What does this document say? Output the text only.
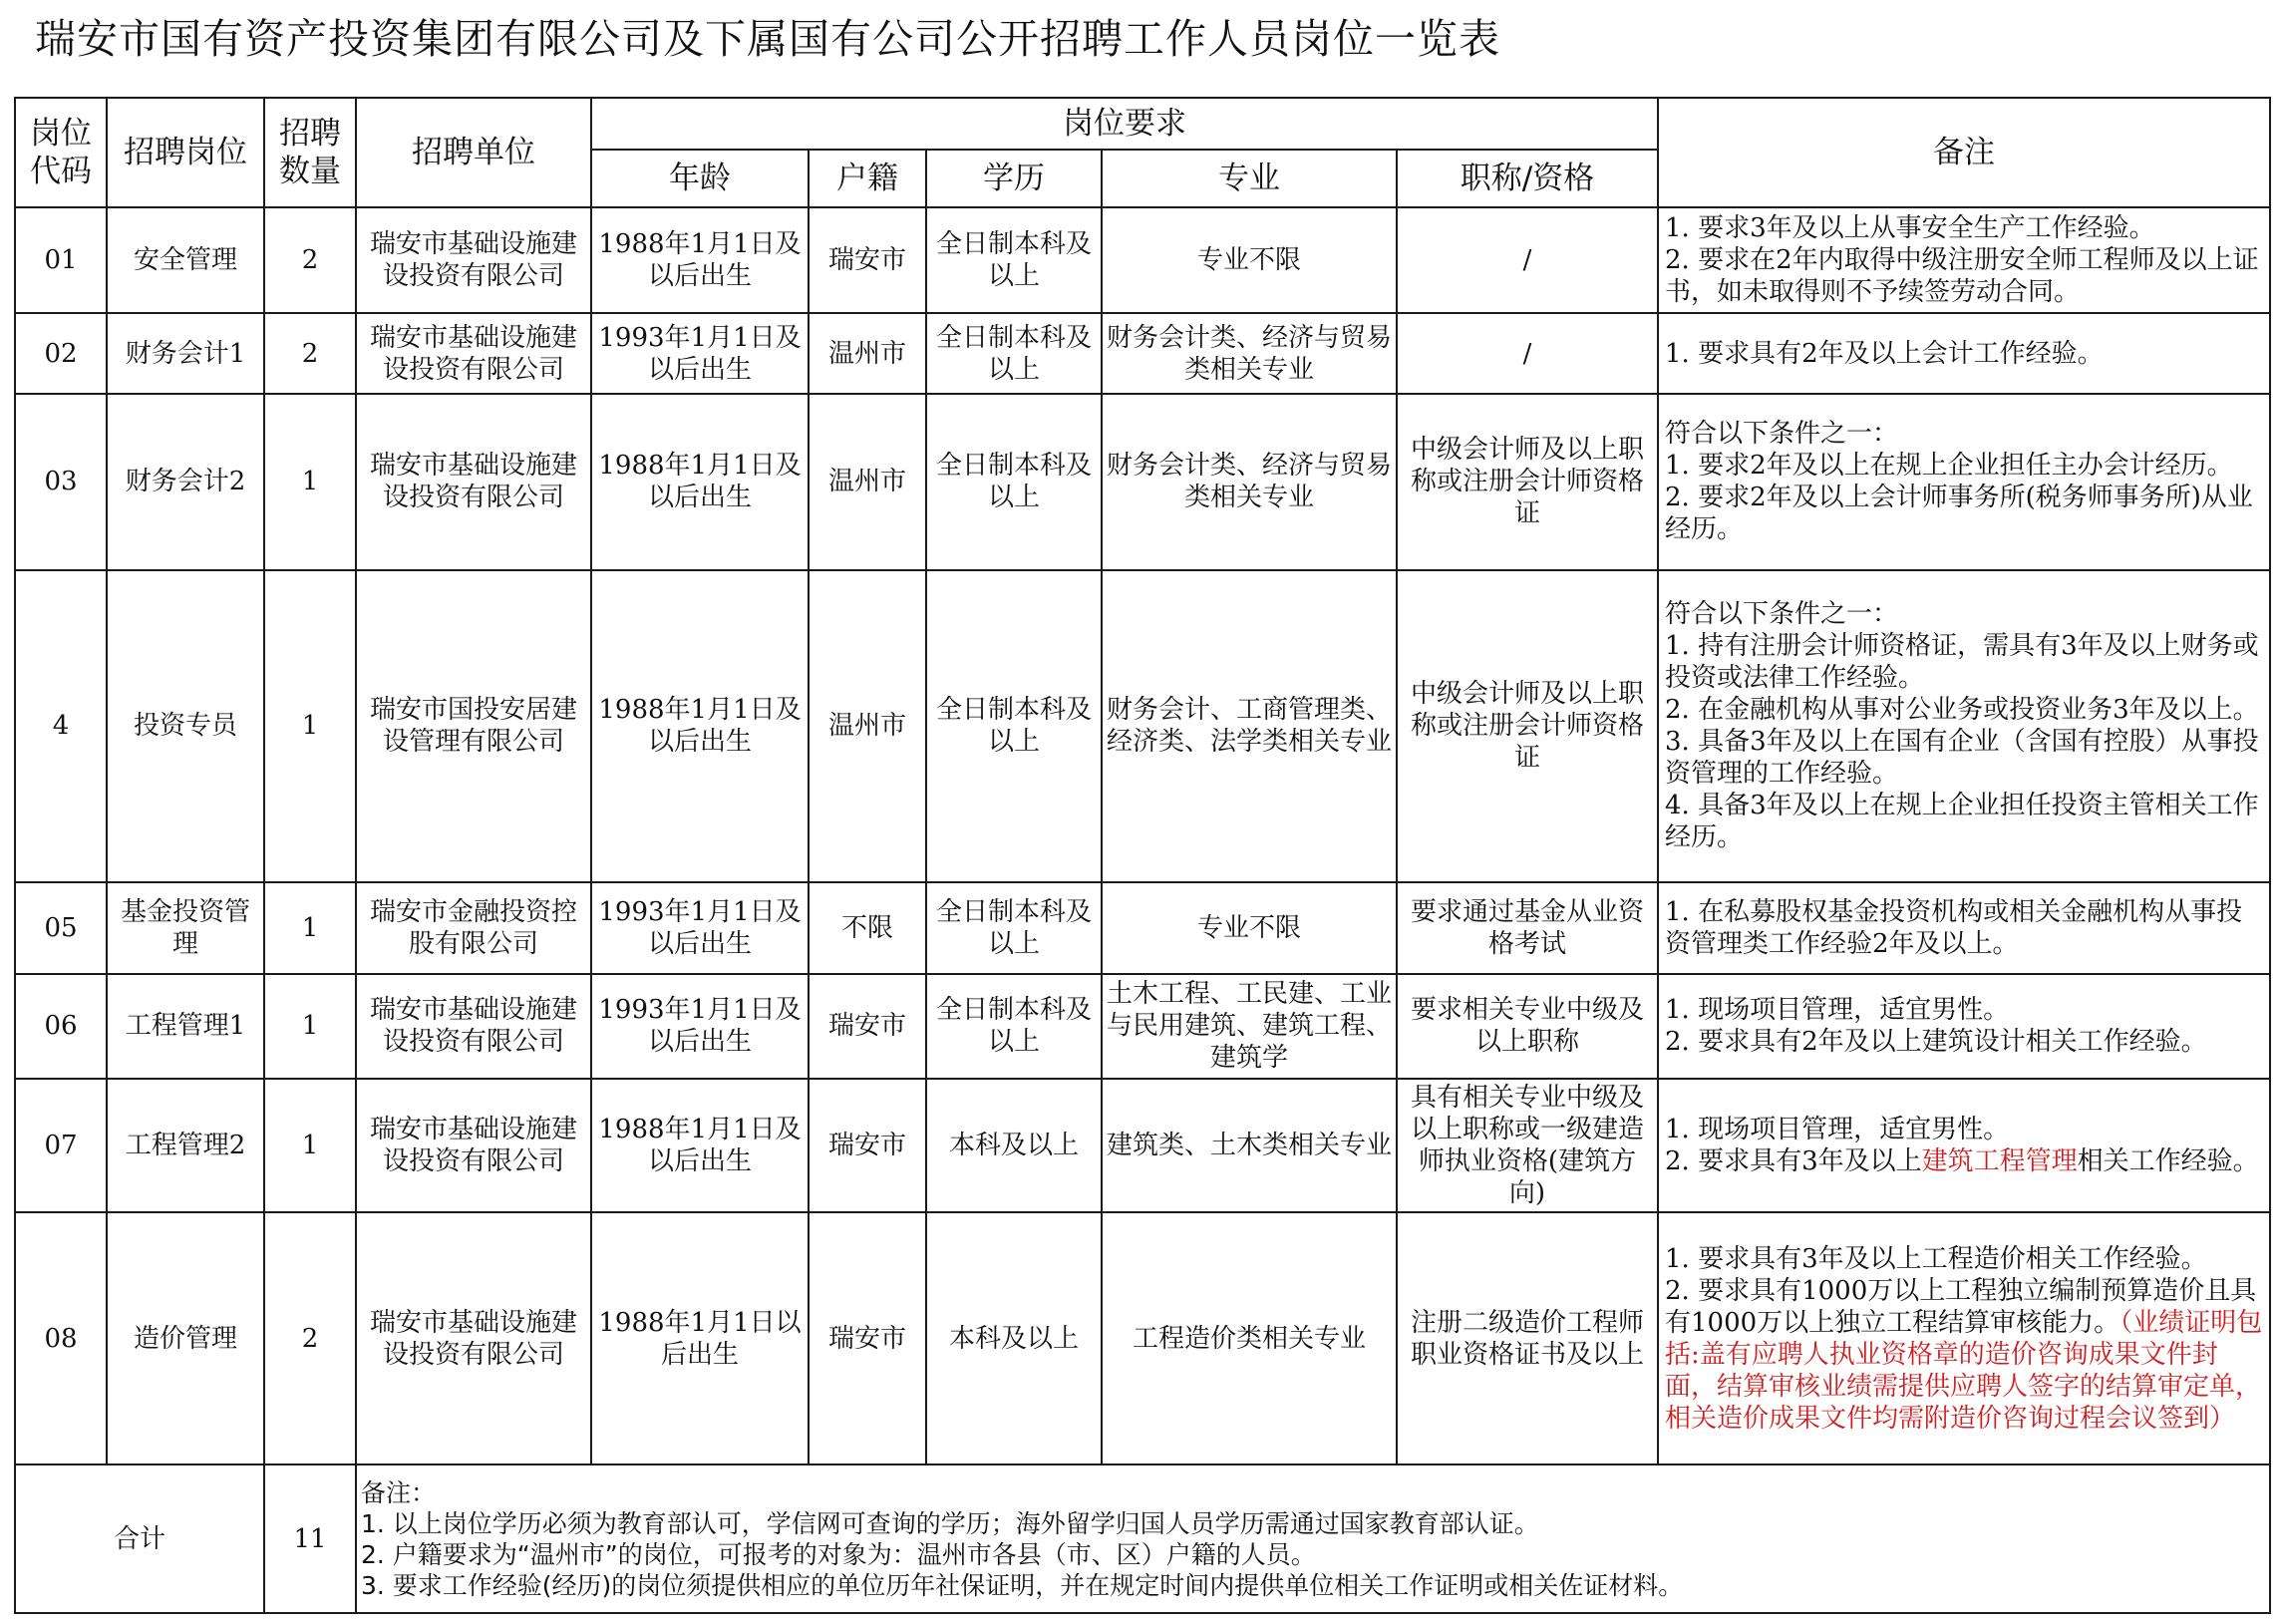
瑞安市国有资产投资集团有限公司及下属国有公司公开招聘工作人员岗位一览表
岗位代码	招聘岗位	招聘数量	招聘单位	岗位要求					备注
				年龄	户籍	学历	专业	职称/资格	
01	安全管理	2	瑞安市基础设施建设投资有限公司	1988年1月1日及以后出生	瑞安市	全日制本科及以上	专业不限	/	1. 要求3年及以上从事安全生产工作经验。
2. 要求在2年内取得中级注册安全师工程师及以上证书，如未取得则不予续签劳动合同。

02	财务会计1	2	瑞安市基础设施建设投资有限公司	1993年1月1日及以后出生	温州市	全日制本科及以上	财务会计类、经济与贸易类相关专业	/	1. 要求具有2年及以上会计工作经验。

03	财务会计2	1	瑞安市基础设施建设投资有限公司	1988年1月1日及以后出生	温州市	全日制本科及以上	财务会计类、经济与贸易类相关专业	中级会计师及以上职称或注册会计师资格证	符合以下条件之一：
1. 要求2年及以上在规上企业担任主办会计经历。
2. 要求2年及以上会计师事务所(税务师事务所)从业经历。

4	投资专员	1	瑞安市国投安居建设管理有限公司	1988年1月1日及以后出生	温州市	全日制本科及以上	财务会计、工商管理类、经济类、法学类相关专业	中级会计师及以上职称或注册会计师资格证	符合以下条件之一：
1. 持有注册会计师资格证，需具有3年及以上财务或投资或法律工作经验。
2. 在金融机构从事对公业务或投资业务3年及以上。
3. 具备3年及以上在国有企业（含国有控股）从事投资管理的工作经验。
4. 具备3年及以上在规上企业担任投资主管相关工作经历。

05	基金投资管理	1	瑞安市金融投资控股有限公司	1993年1月1日及以后出生	不限	全日制本科及以上	专业不限	要求通过基金从业资格考试	1. 在私募股权基金投资机构或相关金融机构从事投资管理类工作经验2年及以上。

06	工程管理1	1	瑞安市基础设施建设投资有限公司	1993年1月1日及以后出生	瑞安市	全日制本科及以上	土木工程、工民建、工业与民用建筑、建筑工程、建筑学	要求相关专业中级及以上职称	1. 现场项目管理，适宜男性。
2. 要求具有2年及以上建筑设计相关工作经验。

07	工程管理2	1	瑞安市基础设施建设投资有限公司	1988年1月1日及以后出生	瑞安市	本科及以上	建筑类、土木类相关专业	具有相关专业中级及以上职称或一级建造师执业资格(建筑方向)	1. 现场项目管理，适宜男性。
2. 要求具有3年及以上建筑工程管理相关工作经验。

08	造价管理	2	瑞安市基础设施建设投资有限公司	1988年1月1日以后出生	瑞安市	本科及以上	工程造价类相关专业	注册二级造价工程师职业资格证书及以上	1. 要求具有3年及以上工程造价相关工作经验。
2. 要求具有1000万以上工程独立编制预算造价且具有1000万以上独立工程结算审核能力。（业绩证明包括:盖有应聘人执业资格章的造价咨询成果文件封面，结算审核业绩需提供应聘人签字的结算审定单，相关造价成果文件均需附造价咨询过程会议签到）
合计		11	备注：
1. 以上岗位学历必须为教育部认可，学信网可查询的学历；海外留学归国人员学历需通过国家教育部认证。
2. 户籍要求为“温州市”的岗位，可报考的对象为：温州市各县（市、区）户籍的人员。
3. 要求工作经验(经历)的岗位须提供相应的单位历年社保证明，并在规定时间内提供单位相关工作证明或相关佐证材料。						
